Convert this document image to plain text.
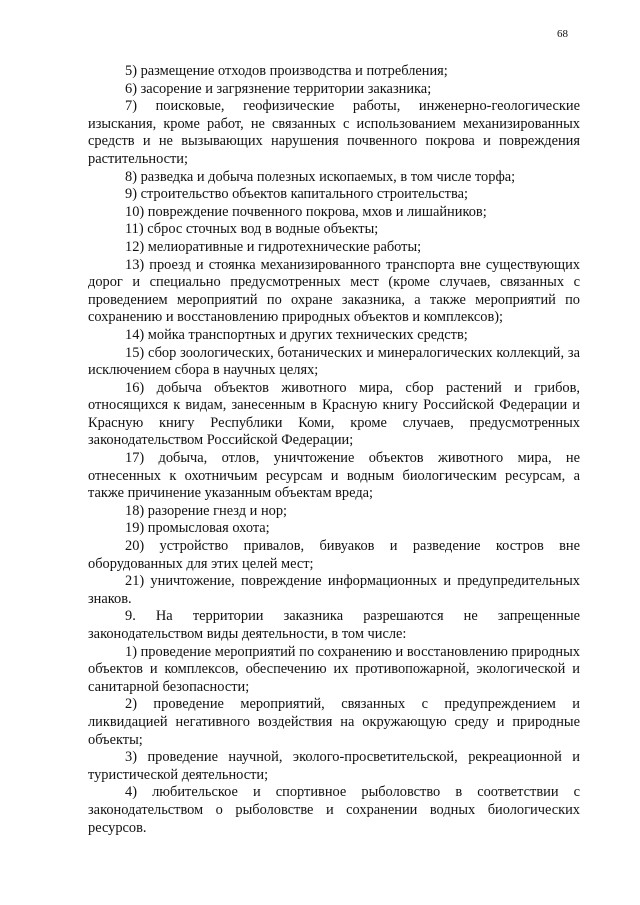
68

5) размещение отходов производства и потребления;

6) засорение и загрязнение территории заказника;

7) поисковые, геофизические работы, инженерно-геологические изыскания, кроме работ, не связанных с использованием механизированных средств и не вызывающих нарушения почвенного покрова и повреждения растительности;

8) разведка и добыча полезных ископаемых, в том числе торфа;

9) строительство объектов капитального строительства;

10) повреждение почвенного покрова, мхов и лишайников;

11) сброс сточных вод в водные объекты;

12) мелиоративные и гидротехнические работы;

13) проезд и стоянка механизированного транспорта вне существующих дорог и специально предусмотренных мест (кроме случаев, связанных с проведением мероприятий по охране заказника, а также мероприятий по сохранению и восстановлению природных объектов и комплексов);

14) мойка транспортных и других технических средств;

15) сбор зоологических, ботанических и минералогических коллекций, за исключением сбора в научных целях;

16) добыча объектов животного мира, сбор растений и грибов, относящихся к видам, занесенным в Красную книгу Российской Федерации и Красную книгу Республики Коми, кроме случаев, предусмотренных законодательством Российской Федерации;

17) добыча, отлов, уничтожение объектов животного мира, не отнесенных к охотничьим ресурсам и водным биологическим ресурсам, а также причинение указанным объектам вреда;

18) разорение гнезд и нор;

19) промысловая охота;

20) устройство привалов, бивуаков и разведение костров вне оборудованных для этих целей мест;

21) уничтожение, повреждение информационных и предупредительных знаков.

9. На территории заказника разрешаются не запрещенные законодательством виды деятельности, в том числе:

1) проведение мероприятий по сохранению и восстановлению природных объектов и комплексов, обеспечению их противопожарной, экологической и санитарной безопасности;

2) проведение мероприятий, связанных с предупреждением и ликвидацией негативного воздействия на окружающую среду и природные объекты;

3) проведение научной, эколого-просветительской, рекреационной и туристической деятельности;

4) любительское и спортивное рыболовство в соответствии с законодательством о рыболовстве и сохранении водных биологических ресурсов.
